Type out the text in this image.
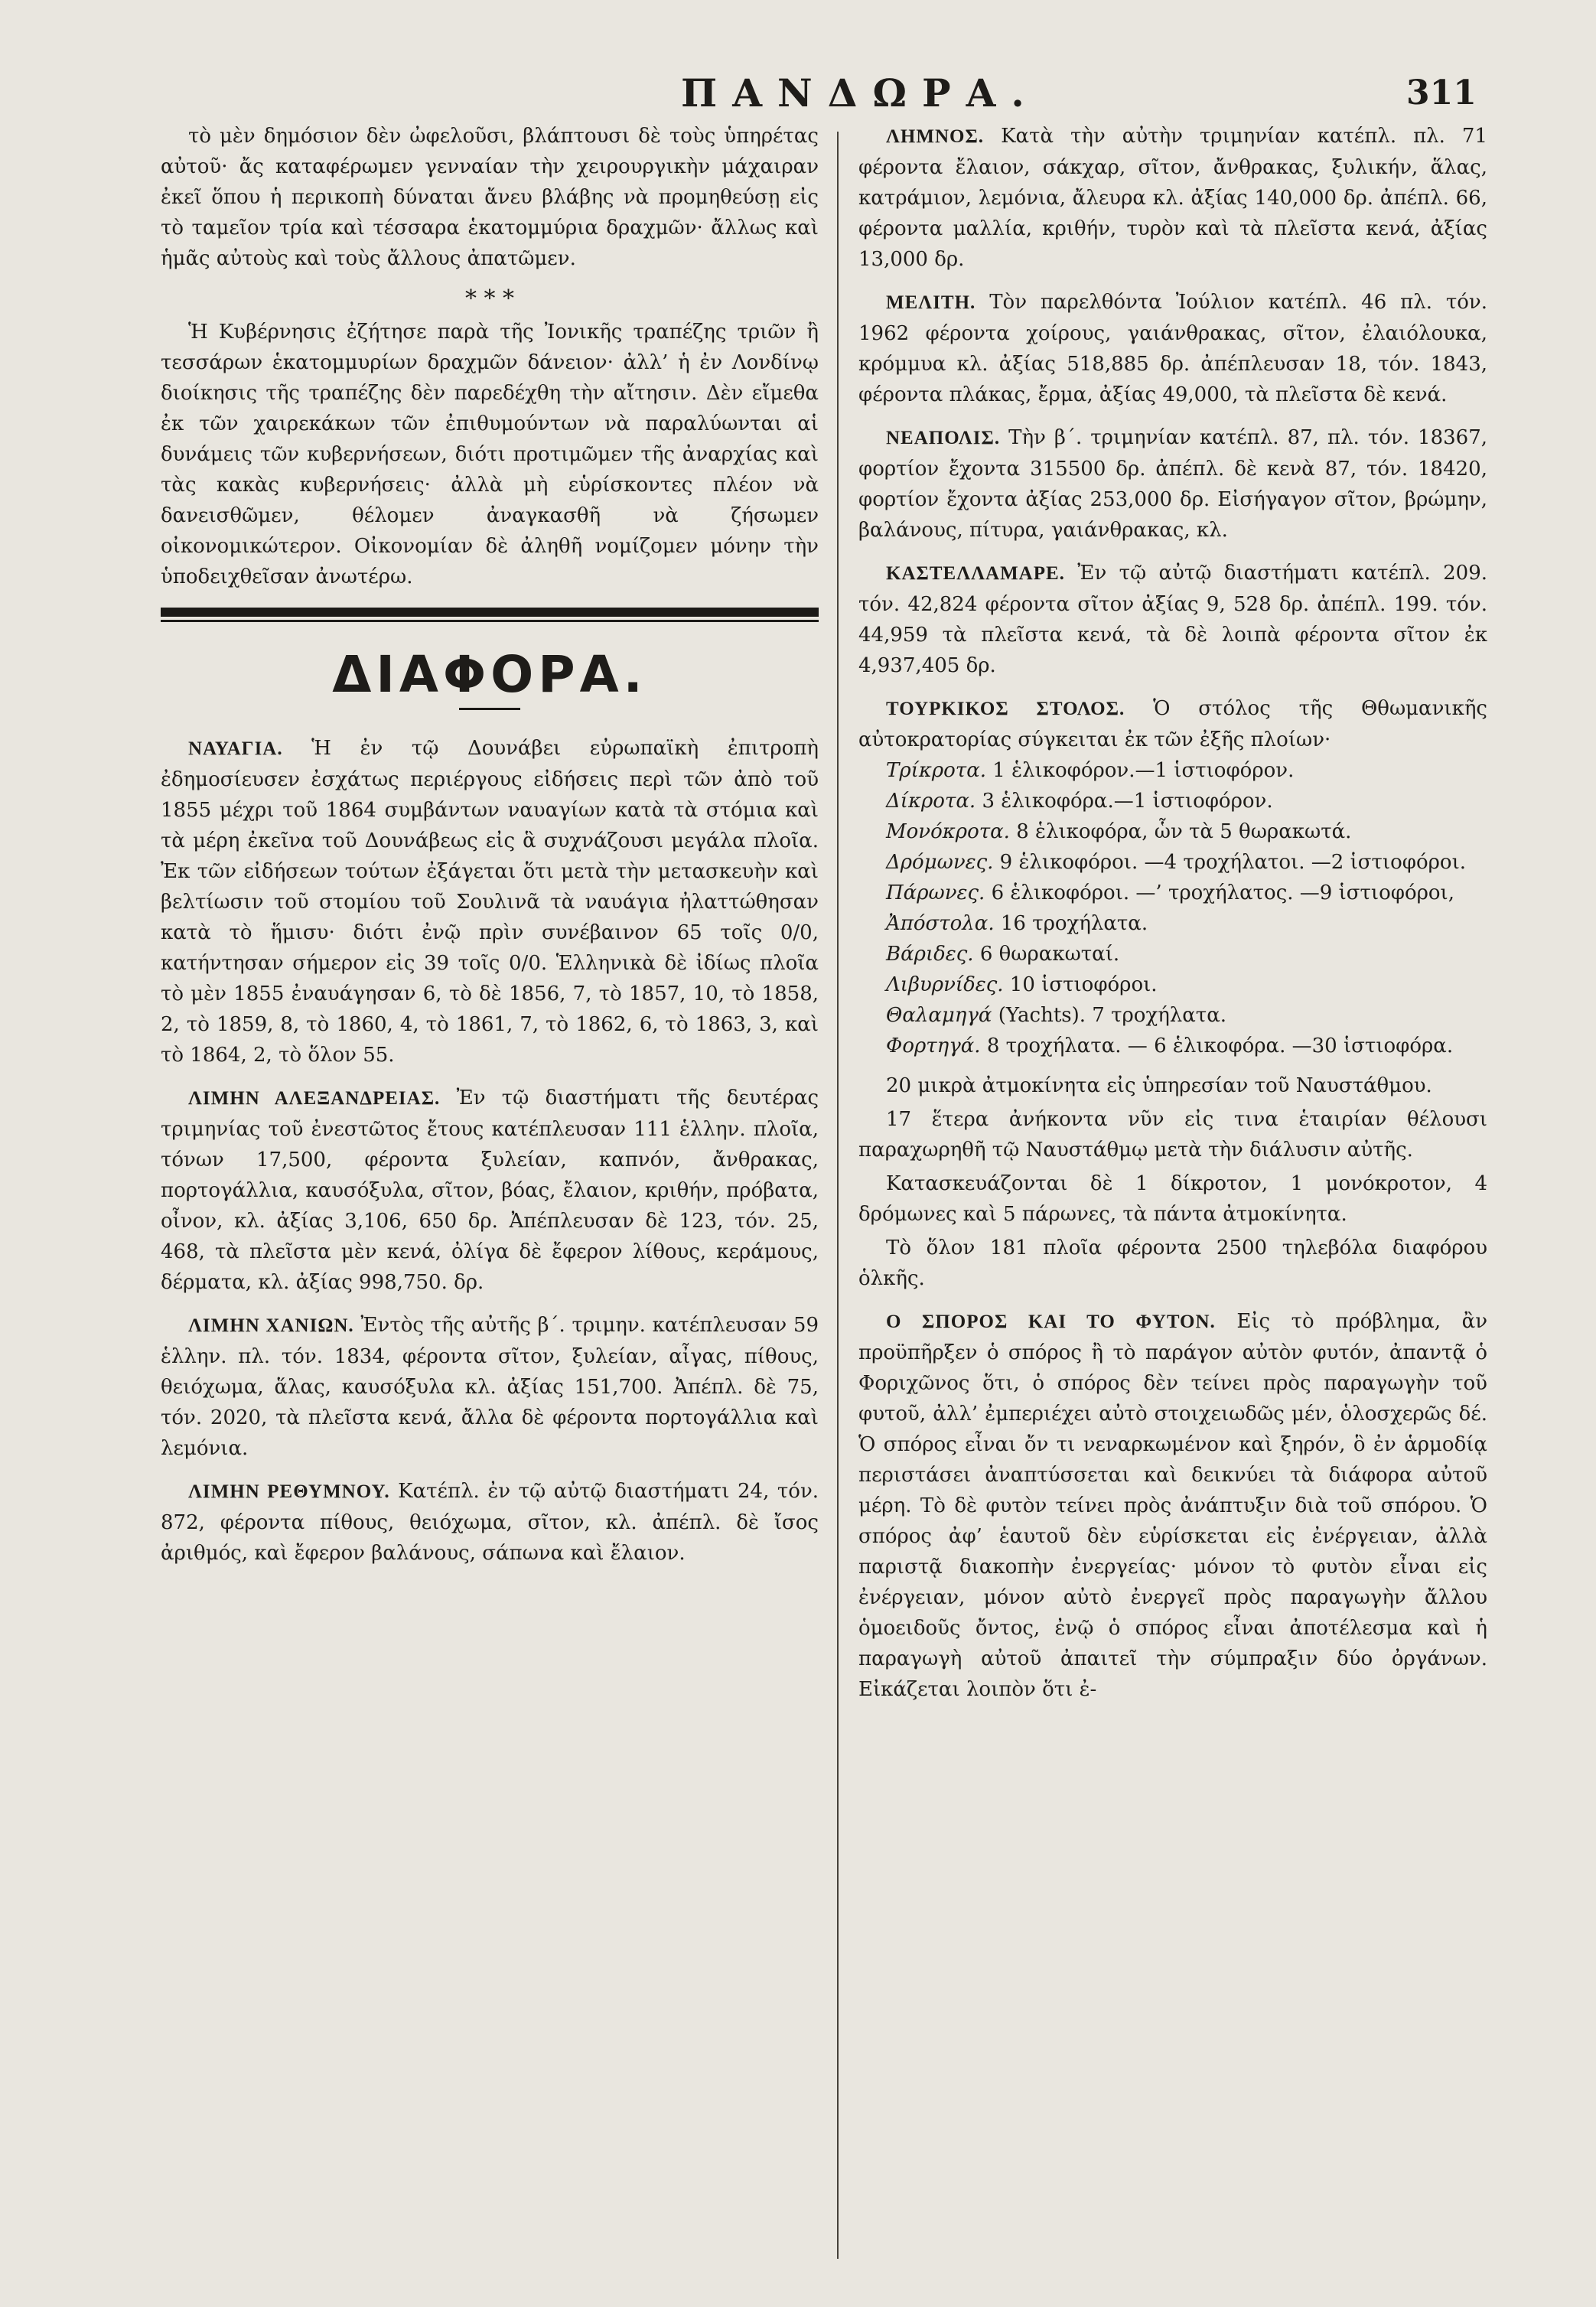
ΠΑΝΔΩΡΑ.	311

τὸ μὲν δημόσιον δὲν ὠφελοῦσι, βλάπτουσι δὲ τοὺς ὑπηρέτας αὐτοῦ· ἄς καταφέρωμεν γενναίαν τὴν χειρουργικὴν μάχαιραν ἐκεῖ ὅπου ἡ περικοπὴ δύναται ἄνευ βλάβης νὰ προμηθεύσῃ εἰς τὸ ταμεῖον τρία καὶ τέσσαρα ἑκατομμύρια δραχμῶν· ἄλλως καὶ ἡμᾶς αὐτοὺς καὶ τοὺς ἄλλους ἀπατῶμεν.

* * *

Ἡ Κυβέρνησις ἐζήτησε παρὰ τῆς Ἰονικῆς τραπέζης τριῶν ἢ τεσσάρων ἑκατομμυρίων δραχμῶν δάνειον· ἀλλ’ ἡ ἐν Λονδίνῳ διοίκησις τῆς τραπέζης δὲν παρεδέχθη τὴν αἴτησιν. Δὲν εἴμεθα ἐκ τῶν χαιρεκάκων τῶν ἐπιθυμούντων νὰ παραλύωνται αἱ δυνάμεις τῶν κυβερνήσεων, διότι προτιμῶμεν τῆς ἀναρχίας καὶ τὰς κακὰς κυβερνήσεις· ἀλλὰ μὴ εὑρίσκοντες πλέον νὰ δανεισθῶμεν, θέλομεν ἀναγκασθῆ νὰ ζήσωμεν οἰκονομικώτερον. Οἰκονομίαν δὲ ἀληθῆ νομίζομεν μόνην τὴν ὑποδειχθεῖσαν ἀνωτέρω.

ΔΙΑΦΟΡΑ.

ΝΑΥΑΓΙΑ. Ἡ ἐν τῷ Δουνάβει εὐρωπαϊκὴ ἐπιτροπὴ ἐδημοσίευσεν ἐσχάτως περιέργους εἰδήσεις περὶ τῶν ἀπὸ τοῦ 1855 μέχρι τοῦ 1864 συμβάντων ναυαγίων κατὰ τὰ στόμια καὶ τὰ μέρη ἐκεῖνα τοῦ Δουνάβεως εἰς ἃ συχνάζουσι μεγάλα πλοῖα. Ἐκ τῶν εἰδήσεων τούτων ἐξάγεται ὅτι μετὰ τὴν μετασκευὴν καὶ βελτίωσιν τοῦ στομίου τοῦ Σουλινᾶ τὰ ναυάγια ἠλαττώθησαν κατὰ τὸ ἥμισυ· διότι ἐνῷ πρὶν συνέβαινον 65 τοῖς 0/0, κατήντησαν σήμερον εἰς 39 τοῖς 0/0. Ἑλληνικὰ δὲ ἰδίως πλοῖα τὸ μὲν 1855 ἐναυάγησαν 6, τὸ δὲ 1856, 7, τὸ 1857, 10, τὸ 1858, 2, τὸ 1859, 8, τὸ 1860, 4, τὸ 1861, 7, τὸ 1862, 6, τὸ 1863, 3, καὶ τὸ 1864, 2, τὸ ὅλον 55.

ΛΙΜΗΝ ΑΛΕΞΑΝΔΡΕΙΑΣ. Ἐν τῷ διαστήματι τῆς δευτέρας τριμηνίας τοῦ ἐνεστῶτος ἔτους κατέπλευσαν 111 ἑλλην. πλοῖα, τόνων 17,500, φέροντα ξυλείαν, καπνόν, ἄνθρακας, πορτογάλλια, καυσόξυλα, σῖτον, βόας, ἔλαιον, κριθήν, πρόβατα, οἶνον, κλ. ἀξίας 3,106, 650 δρ. Ἀπέπλευσαν δὲ 123, τόν. 25, 468, τὰ πλεῖστα μὲν κενά, ὀλίγα δὲ ἔφερον λίθους, κεράμους, δέρματα, κλ. ἀξίας 998,750. δρ.

ΛΙΜΗΝ ΧΑΝΙΩΝ. Ἐντὸς τῆς αὐτῆς β΄. τριμην. κατέπλευσαν 59 ἑλλην. πλ. τόν. 1834, φέροντα σῖτον, ξυλείαν, αἶγας, πίθους, θειόχωμα, ἅλας, καυσόξυλα κλ. ἀξίας 151,700. Ἀπέπλ. δὲ 75, τόν. 2020, τὰ πλεῖστα κενά, ἄλλα δὲ φέροντα πορτογάλλια καὶ λεμόνια.

ΛΙΜΗΝ ΡΕΘΥΜΝΟΥ. Κατέπλ. ἐν τῷ αὐτῷ διαστήματι 24, τόν. 872, φέροντα πίθους, θειόχωμα, σῖτον, κλ. ἀπέπλ. δὲ ἴσος ἀριθμός, καὶ ἔφερον βαλάνους, σάπωνα καὶ ἔλαιον.

ΛΗΜΝΟΣ. Κατὰ τὴν αὐτὴν τριμηνίαν κατέπλ. πλ. 71 φέροντα ἔλαιον, σάκχαρ, σῖτον, ἄνθρακας, ξυλικήν, ἅλας, κατράμιον, λεμόνια, ἄλευρα κλ. ἀξίας 140,000 δρ. ἀπέπλ. 66, φέροντα μαλλία, κριθήν, τυρὸν καὶ τὰ πλεῖστα κενά, ἀξίας 13,000 δρ.

ΜΕΛΙΤΗ. Τὸν παρελθόντα Ἰούλιον κατέπλ. 46 πλ. τόν. 1962 φέροντα χοίρους, γαιάνθρακας, σῖτον, ἐλαιόλουκα, κρόμμυα κλ. ἀξίας 518,885 δρ. ἀπέπλευσαν 18, τόν. 1843, φέροντα πλάκας, ἔρμα, ἀξίας 49,000, τὰ πλεῖστα δὲ κενά.

ΝΕΑΠΟΛΙΣ. Τὴν β΄. τριμηνίαν κατέπλ. 87, πλ. τόν. 18367, φορτίον ἔχοντα 315500 δρ. ἀπέπλ. δὲ κενὰ 87, τόν. 18420, φορτίον ἔχοντα ἀξίας 253,000 δρ. Εἰσήγαγον σῖτον, βρώμην, βαλάνους, πίτυρα, γαιάνθρακας, κλ.

ΚΑΣΤΕΛΛΑΜΑΡΕ. Ἐν τῷ αὐτῷ διαστήματι κατέπλ. 209. τόν. 42,824 φέροντα σῖτον ἀξίας 9, 528 δρ. ἀπέπλ. 199. τόν. 44,959 τὰ πλεῖστα κενά, τὰ δὲ λοιπὰ φέροντα σῖτον ἐκ 4,937,405 δρ.

ΤΟΥΡΚΙΚΟΣ ΣΤΟΛΟΣ. Ὁ στόλος τῆς Θθωμανικῆς αὐτοκρατορίας σύγκειται ἐκ τῶν ἐξῆς πλοίων·

Τρίκροτα. 1 ἑλικοφόρον.—1 ἱστιοφόρον.

Δίκροτα. 3 ἑλικοφόρα.—1 ἱστιοφόρον.

Μονόκροτα. 8 ἑλικοφόρα, ὧν τὰ 5 θωρακωτά.

Δρόμωνες. 9 ἑλικοφόροι. —4 τροχήλατοι. —2 ἱστιοφόροι.

Πάρωνες. 6 ἑλικοφόροι. —’ τροχήλατος. —9 ἱστιοφόροι,

Ἀπόστολα. 16 τροχήλατα.

Βάριδες. 6 θωρακωταί.

Λιβυρνίδες. 10 ἱστιοφόροι.

Θαλαμηγά (Yachts). 7 τροχήλατα.

Φορτηγά. 8 τροχήλατα. — 6 ἑλικοφόρα. —30 ἱστιοφόρα.

20 μικρὰ ἀτμοκίνητα εἰς ὑπηρεσίαν τοῦ Ναυστάθμου.

17 ἕτερα ἀνήκοντα νῦν εἰς τινα ἑταιρίαν θέλουσι παραχωρηθῆ τῷ Ναυστάθμῳ μετὰ τὴν διάλυσιν αὐτῆς.

Κατασκευάζονται δὲ 1 δίκροτον, 1 μονόκροτον, 4 δρόμωνες καὶ 5 πάρωνες, τὰ πάντα ἀτμοκίνητα.

Τὸ ὅλον 181 πλοῖα φέροντα 2500 τηλεβόλα διαφόρου ὁλκῆς.

Ο ΣΠΟΡΟΣ ΚΑΙ ΤΟ ΦΥΤΟΝ. Εἰς τὸ πρόβλημα, ἂν προϋπῆρξεν ὁ σπόρος ἢ τὸ παράγον αὐτὸν φυτόν, ἀπαντᾷ ὁ Φοριχῶνος ὅτι, ὁ σπόρος δὲν τείνει πρὸς παραγωγὴν τοῦ φυτοῦ, ἀλλ’ ἐμπεριέχει αὐτὸ στοιχειωδῶς μέν, ὁλοσχερῶς δέ. Ὁ σπόρος εἶναι ὄν τι νεναρκωμένον καὶ ξηρόν, ὃ ἐν ἁρμοδίᾳ περιστάσει ἀναπτύσσεται καὶ δεικνύει τὰ διάφορα αὐτοῦ μέρη. Τὸ δὲ φυτὸν τείνει πρὸς ἀνάπτυξιν διὰ τοῦ σπόρου. Ὁ σπόρος ἀφ’ ἑαυτοῦ δὲν εὑρίσκεται εἰς ἐνέργειαν, ἀλλὰ παριστᾷ διακοπὴν ἐνεργείας· μόνον τὸ φυτὸν εἶναι εἰς ἐνέργειαν, μόνον αὐτὸ ἐνεργεῖ πρὸς παραγωγὴν ἄλλου ὁμοειδοῦς ὄντος, ἐνῷ ὁ σπόρος εἶναι ἀποτέλεσμα καὶ ἡ παραγωγὴ αὐτοῦ ἀπαιτεῖ τὴν σύμπραξιν δύο ὀργάνων. Εἰκάζεται λοιπὸν ὅτι ἐ-
